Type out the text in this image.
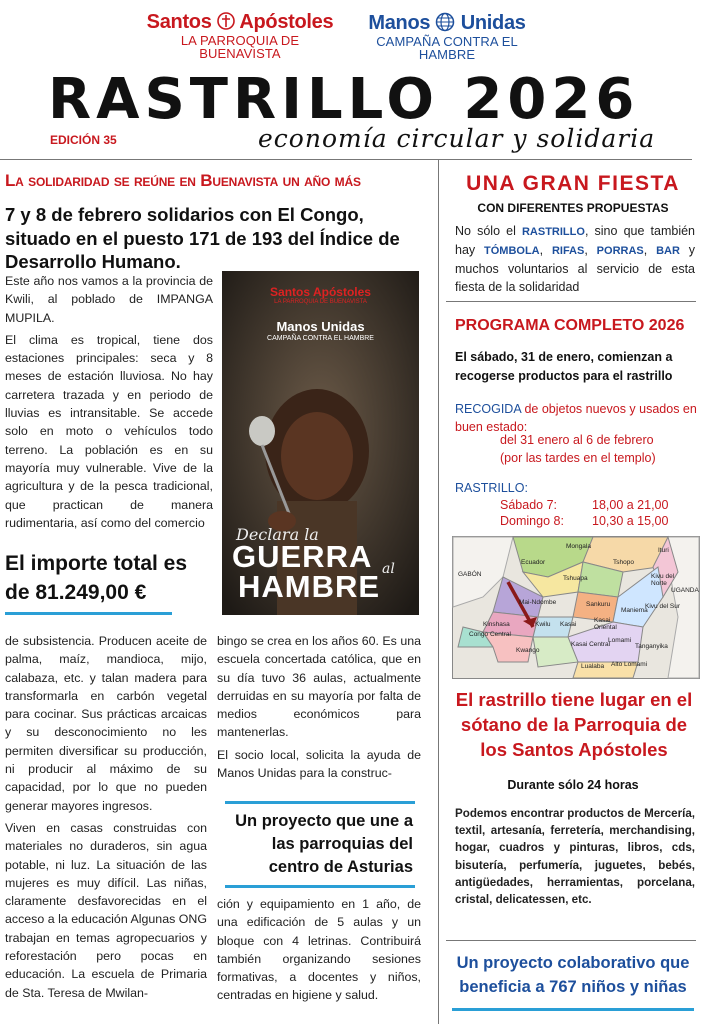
Santos Apóstoles
LA PARROQUIA DE BUENAVISTA
Manos Unidas
CAMPAÑA CONTRA EL HAMBRE
RASTRILLO 2026
EDICIÓN 35	economía circular y solidaria
La solidaridad se reúne en Buenavista un año más
7 y 8 de febrero solidarios con El Congo, situado en el puesto 171 de 193 del Índice de Desarrollo Humano.

Este año nos vamos a la provincia de Kwili, al poblado de IMPANGA MUPILA.

El clima es tropical, tiene dos estaciones principales: seca y 8 meses de estación lluviosa. No hay carretera trazada y en periodo de lluvias es intransitable. Se accede solo en moto o vehículos todo terreno. La población es en su mayoría muy vulnerable. Vive de la agricultura y de la pesca tradicional, que practican de manera rudimentaria, así como del comercio

El importe total es de 81.249,00 €
Santos Apóstoles
LA PARROQUIA DE BUENAVISTA
Manos Unidas
CAMPAÑA CONTRA EL HAMBRE
Declara la
GUERRA al
HAMBRE

de subsistencia. Producen aceite de palma, maíz, mandioca, mijo, calabaza, etc. y talan madera para transformarla en carbón vegetal para cocinar. Sus prácticas arcaicas y su desconocimiento no les permiten diversificar su producción, ni producir al máximo de su capacidad, por lo que no pueden generar mayores ingresos.

Viven en casas construidas con materiales no duraderos, sin agua potable, ni luz. La situación de las mujeres es muy difícil. Las niñas, claramente desfavorecidas en el acceso a la educación Algunas ONG trabajan en temas agropecuarios y reforestación pero pocas en educación. La escuela de Primaria de Sta. Teresa de Mwilan-

bingo se crea en los años 60. Es una escuela concertada católica, que en su día tuvo 36 aulas, actualmente derruidas en su mayoría por falta de medios económicos para mantenerlas.

El socio local, solicita la ayuda de Manos Unidas para la construc-

Un proyecto que une a las parroquias del centro de Asturias

ción y equipamiento en 1 año, de una edificación de 5 aulas y un bloque con 4 letrinas. Contribuirá también organizando sesiones formativas, a docentes y niños, centradas en higiene y salud.

UNA GRAN FIESTA
CON DIFERENTES PROPUESTAS
No sólo el RASTRILLO, sino que también hay TÓMBOLA, RIFAS, PORRAS, BAR y muchos voluntarios al servicio de esta fiesta de la solidaridad
PROGRAMA COMPLETO 2026
El sábado, 31 de enero, comienzan a recogerse productos para el rastrillo
RECOGIDA de objetos nuevos y usados en buen estado:
del 31 enero al 6 de febrero
(por las tardes en el templo)
RASTRILLO:
Sábado 7:	18,00 a 21,00
Domingo 8: 10,30 a 15,00
Mongala
Ituri
Ecuador	Tshopo
Kivu del Norte
GABÓN
Tshuapa
UGANDA
Mai-Ndombe	Sankuru
Maniema
Kivu del Sur
Kinshasa	Kwilu Kasai
Kasai Oriental
Congo Central
Kwango
Kasai Central
Lomami
Tanganyika
Lualaba Alto Lomami
El rastrillo tiene lugar en el sótano de la Parroquia de los Santos Apóstoles
Durante sólo 24 horas
Podemos encontrar productos de Mercería, textil, artesanía, ferretería, merchandising, hogar, cuadros y pinturas, libros, cds, bisutería, perfumería, juguetes, bebés, antigüedades, herramientas, porcelana, cristal, delicatessen, etc.
Un proyecto colaborativo que beneficia a 767 niños y niñas
